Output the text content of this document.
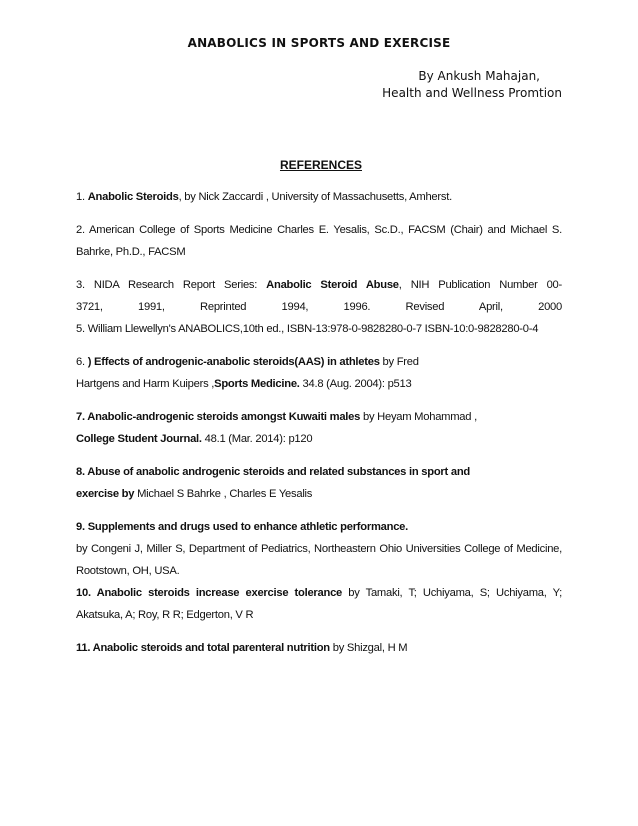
ANABOLICS IN SPORTS AND EXERCISE
By Ankush Mahajan,
Health and Wellness Promtion
REFERENCES

1. Anabolic Steroids, by Nick Zaccardi , University of Massachusetts, Amherst.

2. American College of Sports Medicine Charles E. Yesalis, Sc.D., FACSM (Chair) and Michael S. Bahrke, Ph.D., FACSM

3. NIDA Research Report Series: Anabolic Steroid Abuse, NIH Publication Number 00-

3721, 1991, Reprinted 1994, 1996. Revised April, 2000

5. William Llewellyn's ANABOLICS,10th ed., ISBN-13:978-0-9828280-0-7 ISBN-10:0-9828280-0-4

6. ) Effects of androgenic-anabolic steroids(AAS) in athletes by Fred
Hartgens and Harm Kuipers ,Sports Medicine. 34.8 (Aug. 2004): p513

7. Anabolic-androgenic steroids amongst Kuwaiti males by Heyam Mohammad ,
College Student Journal. 48.1 (Mar. 2014): p120

8. Abuse of anabolic androgenic steroids and related substances in sport and
exercise by Michael S Bahrke , Charles E Yesalis

9. Supplements and drugs used to enhance athletic performance.

by Congeni J, Miller S, Department of Pediatrics, Northeastern Ohio Universities College of Medicine, Rootstown, OH, USA.

10. Anabolic steroids increase exercise tolerance by Tamaki, T; Uchiyama, S; Uchiyama, Y; Akatsuka, A; Roy, R R; Edgerton, V R

11. Anabolic steroids and total parenteral nutrition by Shizgal, H M
